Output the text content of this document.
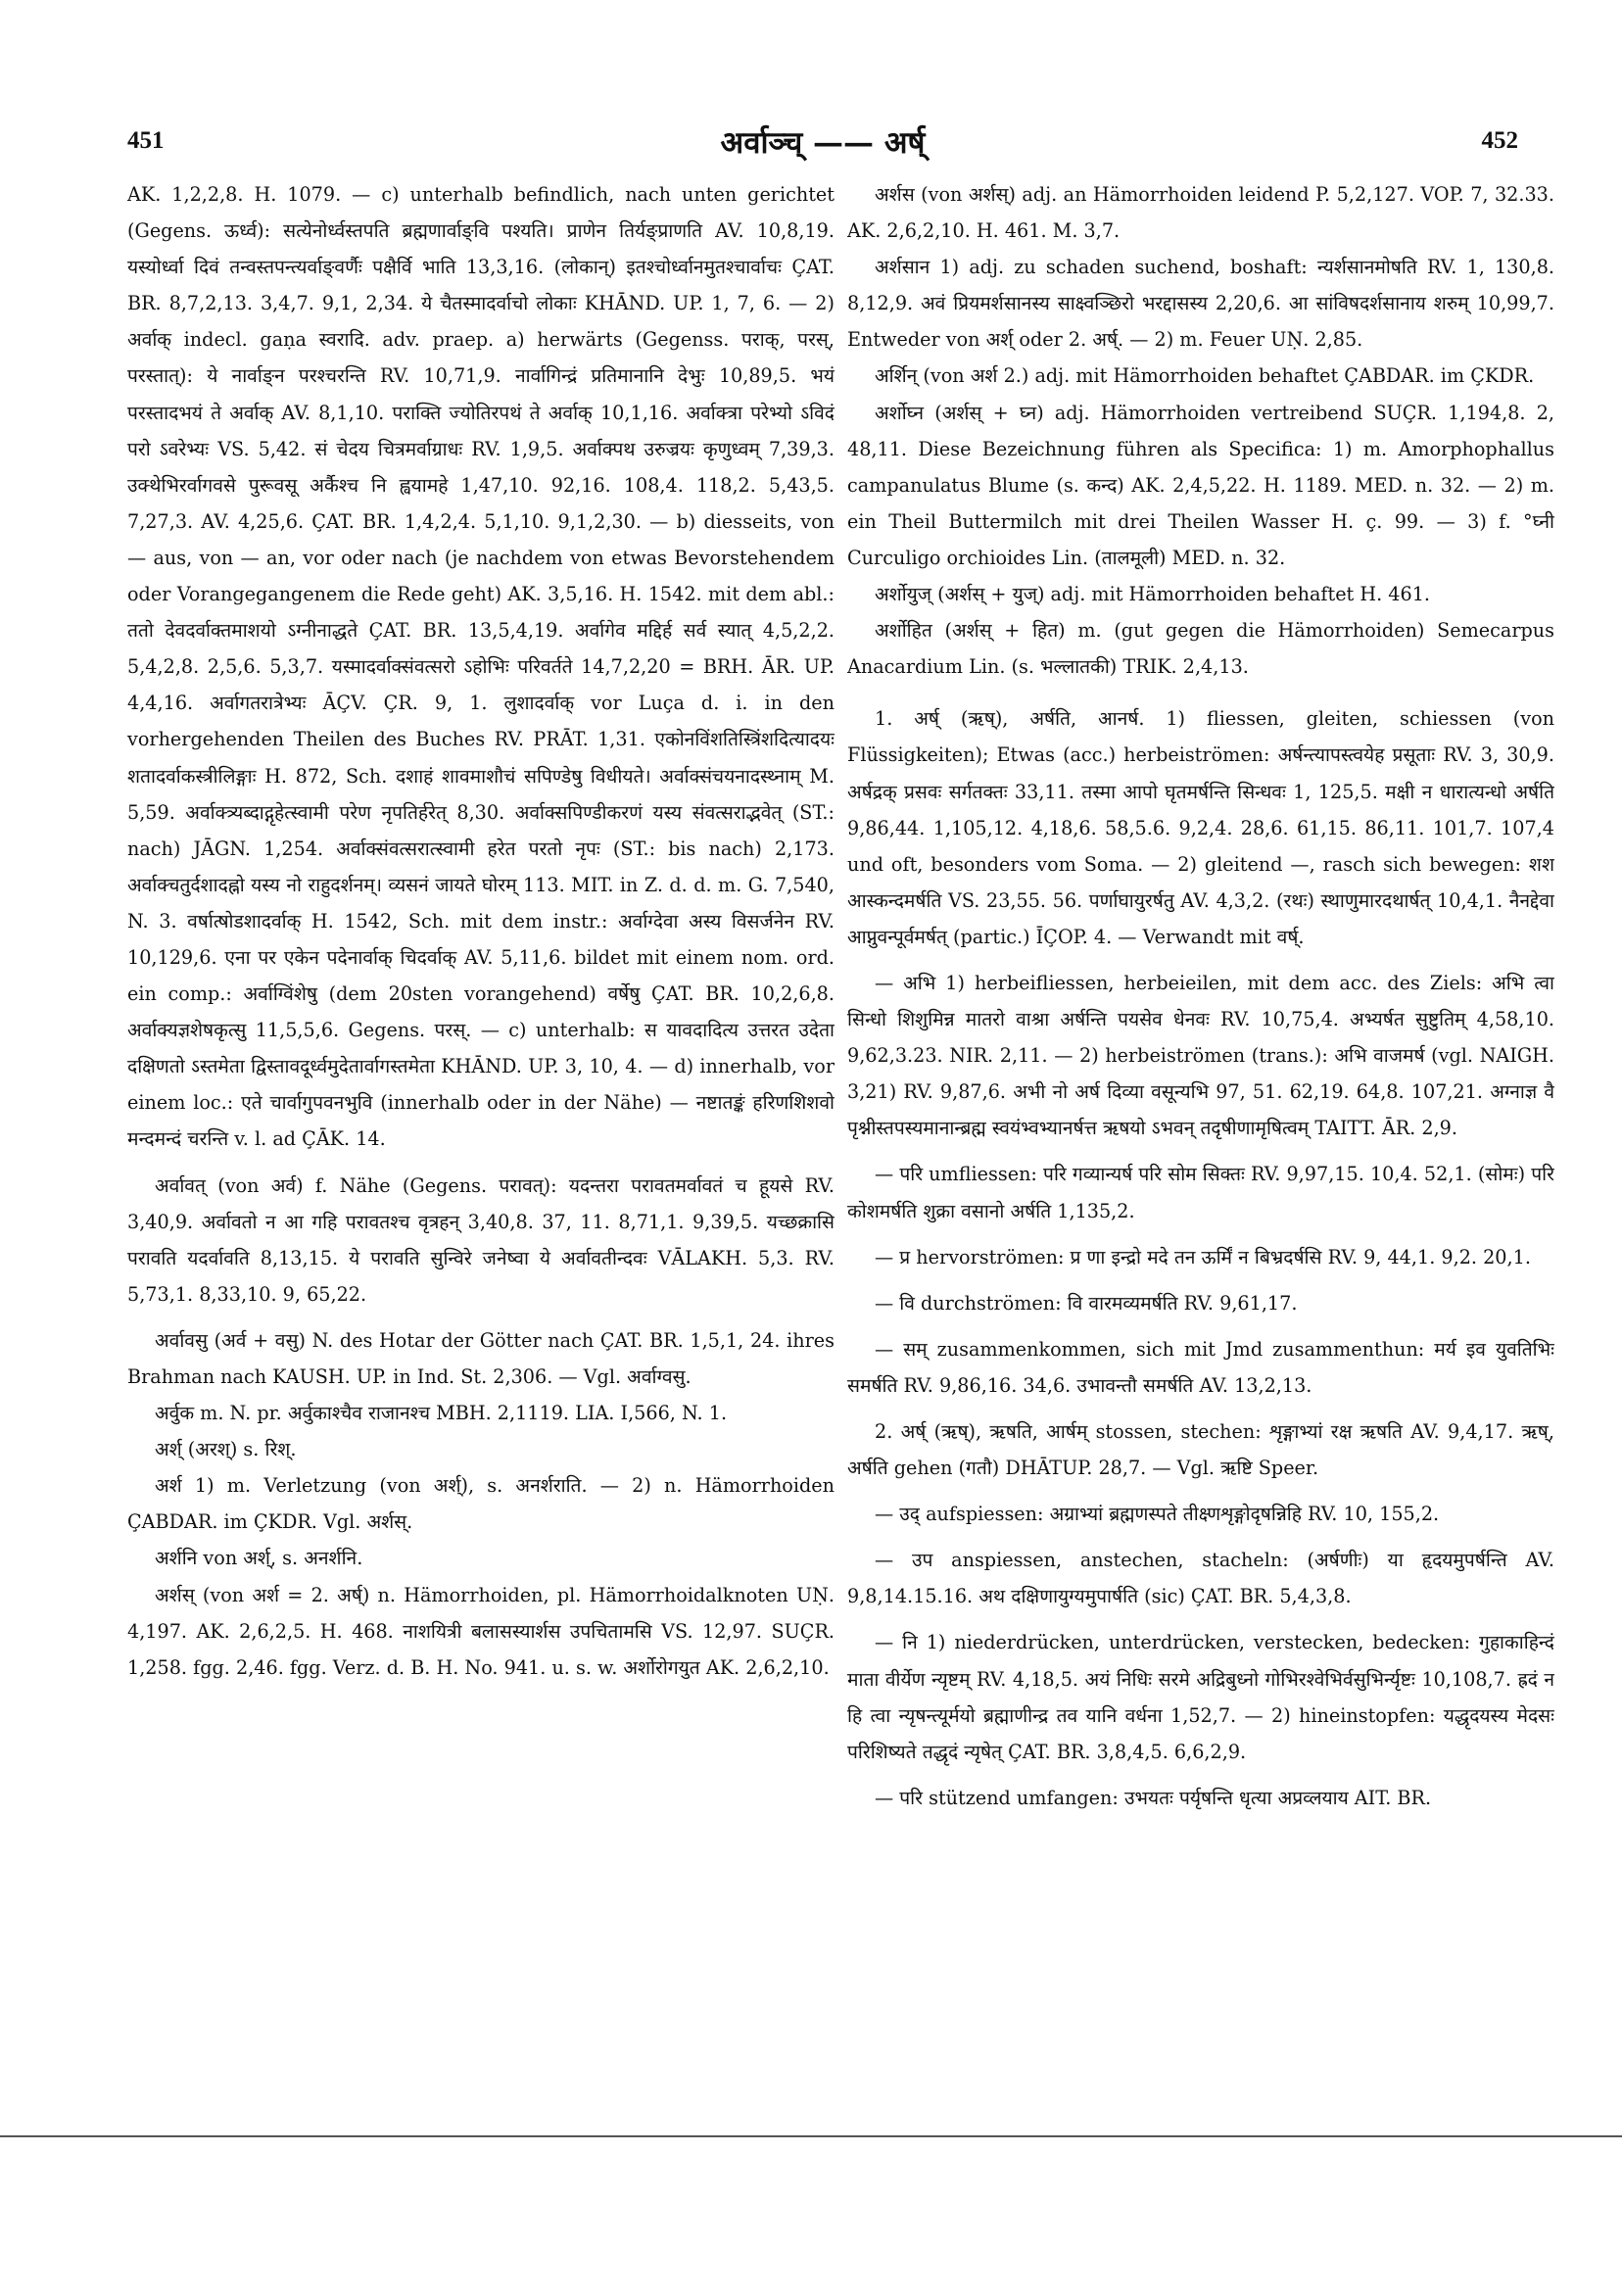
451	अर्वाञ्च् —— अर्ष्	452

AK. 1,2,2,8. H. 1079. — c) unterhalb befindlich, nach unten gerichtet (Gegens. ऊर्ध्व): सत्येनोर्ध्वस्तपति ब्रह्मणार्वाङ्वि पश्यति। प्राणेन तिर्यङ्प्राणति AV. 10,8,19. यस्योर्ध्वा दिवं तन्वस्तपन्त्यर्वाङ्वर्णैः पक्षैर्वि भाति 13,3,16. (लोकान्) इतश्चोर्ध्वानमुतश्चार्वाचः ÇAT. BR. 8,7,2,13. 3,4,7. 9,1, 2,34. ये चैतस्मादर्वाचो लोकाः KHĀND. UP. 1, 7, 6. — 2) अर्वाक् indecl. gaṇa स्वरादि. adv. praep. a) herwärts (Gegenss. पराक्, परस्, परस्तात्): ये नार्वाङ्न परश्चरन्ति RV. 10,71,9. नार्वागिन्द्रं प्रतिमानानि देभुः 10,89,5. भयं परस्तादभयं ते अर्वाक् AV. 8,1,10. पराक्ति ज्योतिरपथं ते अर्वाक् 10,1,16. अर्वाक्त्रा परेभ्यो ऽविदं परो ऽवरेभ्यः VS. 5,42. सं चेदय चित्रमर्वाग्राधः RV. 1,9,5. अर्वाक्पथ उरुज्रयः कृणुध्वम् 7,39,3. उक्थेभिरर्वागवसे पुरूवसू अर्कैश्च नि ह्वयामहे 1,47,10. 92,16. 108,4. 118,2. 5,43,5. 7,27,3. AV. 4,25,6. ÇAT. BR. 1,4,2,4. 5,1,10. 9,1,2,30. — b) diesseits, von — aus, von — an, vor oder nach (je nachdem von etwas Bevorstehendem oder Vorangegangenem die Rede geht) AK. 3,5,16. H. 1542. mit dem abl.: ततो देवदर्वाक्तमाशयो ऽग्नीनाद्धते ÇAT. BR. 13,5,4,19. अर्वागेव मद्दिर्ह सर्व स्यात् 4,5,2,2. 5,4,2,8. 2,5,6. 5,3,7. यस्मादर्वाक्संवत्सरो ऽहोभिः परिवर्तते 14,7,2,20 = BRH. ĀR. UP. 4,4,16. अर्वागतरात्रेभ्यः ĀÇV. ÇR. 9, 1. लुशादर्वाक् vor Luça d. i. in den vorhergehenden Theilen des Buches RV. PRĀT. 1,31. एकोनविंशतिस्त्रिंशदित्यादयः शतादर्वाकस्त्रीलिङ्गाः H. 872, Sch. दशाहं शावमाशौचं सपिण्डेषु विधीयते। अर्वाक्संचयनादस्थ्नाम् M. 5,59. अर्वाक्त्र्यब्दाद्गृहेत्स्वामी परेण नृपतिर्हरेत् 8,30. अर्वाक्सपिण्डीकरणं यस्य संवत्सराद्भवेत् (ST.: nach) JĀGN. 1,254. अर्वाक्संवत्सरात्स्वामी हरेत परतो नृपः (ST.: bis nach) 2,173. अर्वाक्चतुर्दशादह्नो यस्य नो राहुदर्शनम्। व्यसनं जायते घोरम् 113. MIT. in Z. d. d. m. G. 7,540, N. 3. वर्षात्षोडशादर्वाक् H. 1542, Sch. mit dem instr.: अर्वाग्देवा अस्य विसर्जनेन RV. 10,129,6. एना पर एकेन पदेनार्वाक् चिदर्वाक् AV. 5,11,6. bildet mit einem nom. ord. ein comp.: अर्वाग्विंशेषु (dem 20sten vorangehend) वर्षेषु ÇAT. BR. 10,2,6,8. अर्वाक्यज्ञशेषकृत्सु 11,5,5,6. Gegens. परस्. — c) unterhalb: स यावदादित्य उत्तरत उदेता दक्षिणतो ऽस्तमेता द्विस्तावदूर्ध्वमुदेतार्वागस्तमेता KHĀND. UP. 3, 10, 4. — d) innerhalb, vor einem loc.: एते चार्वागुपवनभुवि (innerhalb oder in der Nähe) — नष्टातङ्कं हरिणशिशवो मन्दमन्दं चरन्ति v. l. ad ÇĀK. 14.

अर्वावत् (von अर्व) f. Nähe (Gegens. परावत्): यदन्तरा परावतमर्वावतं च हूयसे RV. 3,40,9. अर्वावतो न आ गहि परावतश्च वृत्रहन् 3,40,8. 37, 11. 8,71,1. 9,39,5. यच्छक्रासि परावति यदर्वावति 8,13,15. ये परावति सुन्विरे जनेष्वा ये अर्वावतीन्दवः VĀLAKH. 5,3. RV. 5,73,1. 8,33,10. 9, 65,22.

अर्वावसु (अर्व + वसु) N. des Hotar der Götter nach ÇAT. BR. 1,5,1, 24. ihres Brahman nach KAUSH. UP. in Ind. St. 2,306. — Vgl. अर्वाग्वसु.

अर्वुक m. N. pr. अर्वुकाश्चैव राजानश्च MBH. 2,1119. LIA. I,566, N. 1.

अर्श् (अरश्) s. रिश्.

अर्श 1) m. Verletzung (von अर्श्), s. अनर्शराति. — 2) n. Hämorrhoiden ÇABDAR. im ÇKDR. Vgl. अर्शस्.

अर्शनि von अर्श्, s. अनर्शनि.

अर्शस् (von अर्श = 2. अर्ष्) n. Hämorrhoiden, pl. Hämorrhoidalknoten UṆ. 4,197. AK. 2,6,2,5. H. 468. नाशयित्री बलासस्यार्शस उपचितामसि VS. 12,97. SUÇR. 1,258. fgg. 2,46. fgg. Verz. d. B. H. No. 941. u. s. w. अर्शोरोगयुत AK. 2,6,2,10.

अर्शस (von अर्शस्) adj. an Hämorrhoiden leidend P. 5,2,127. VOP. 7, 32.33. AK. 2,6,2,10. H. 461. M. 3,7.

अर्शसान 1) adj. zu schaden suchend, boshaft: न्यर्शसानमोषति RV. 1, 130,8. 8,12,9. अवं प्रियमर्शसानस्य साक्ष्वञ्छिरो भरद्दासस्य 2,20,6. आ सांविषदर्शसानाय शरुम् 10,99,7. Entweder von अर्श् oder 2. अर्ष्. — 2) m. Feuer UṆ. 2,85.

अर्शिन् (von अर्श 2.) adj. mit Hämorrhoiden behaftet ÇABDAR. im ÇKDR.

अर्शोघ्न (अर्शस् + घ्न) adj. Hämorrhoiden vertreibend SUÇR. 1,194,8. 2, 48,11. Diese Bezeichnung führen als Specifica: 1) m. Amorphophallus campanulatus Blume (s. कन्द) AK. 2,4,5,22. H. 1189. MED. n. 32. — 2) m. ein Theil Buttermilch mit drei Theilen Wasser H. ç. 99. — 3) f. °घ्नी Curculigo orchioides Lin. (तालमूली) MED. n. 32.

अर्शोयुज् (अर्शस् + युज्) adj. mit Hämorrhoiden behaftet H. 461.

अर्शोहित (अर्शस् + हित) m. (gut gegen die Hämorrhoiden) Semecarpus Anacardium Lin. (s. भल्लातकी) TRIK. 2,4,13.

1. अर्ष् (ऋष्), अर्षति, आनर्ष. 1) fliessen, gleiten, schiessen (von Flüssigkeiten); Etwas (acc.) herbeiströmen: अर्षन्त्यापस्त्वयेह प्रसूताः RV. 3, 30,9. अर्षद्रक् प्रसवः सर्गतक्तः 33,11. तस्मा आपो घृतमर्षन्ति सिन्धवः 1, 125,5. मक्षी न धारात्यन्धो अर्षति 9,86,44. 1,105,12. 4,18,6. 58,5.6. 9,2,4. 28,6. 61,15. 86,11. 101,7. 107,4 und oft, besonders vom Soma. — 2) gleitend —, rasch sich bewegen: शश आस्कन्दमर्षति VS. 23,55. 56. पर्णाघायुरर्षतु AV. 4,3,2. (रथः) स्थाणुमारदथार्षत् 10,4,1. नैनद्देवा आप्नुवन्पूर्वमर्षत् (partic.) ĪÇOP. 4. — Verwandt mit वर्ष्.

— अभि 1) herbeifliessen, herbeieilen, mit dem acc. des Ziels: अभि त्वा सिन्धो शिशुमिन्न मातरो वाश्रा अर्षन्ति पयसेव धेनवः RV. 10,75,4. अभ्यर्षत सुष्टुतिम् 4,58,10. 9,62,3.23. NIR. 2,11. — 2) herbeiströmen (trans.): अभि वाजमर्ष (vgl. NAIGH. 3,21) RV. 9,87,6. अभी नो अर्ष दिव्या वसून्यभि 97, 51. 62,19. 64,8. 107,21. अग्नाज्ञ वै पृश्नीस्तपस्यमानान्ब्रह्म स्वयंभ्वभ्यानर्षत्त ऋषयो ऽभवन् तदृषीणामृषित्वम् TAITT. ĀR. 2,9.

— परि umfliessen: परि गव्यान्यर्ष परि सोम सिक्तः RV. 9,97,15. 10,4. 52,1. (सोमः) परि कोशमर्षति शुक्रा वसानो अर्षति 1,135,2.

— प्र hervorströmen: प्र णा इन्द्रो मदे तन ऊर्मिं न बिभ्रदर्षसि RV. 9, 44,1. 9,2. 20,1.

— वि durchströmen: वि वारमव्यमर्षति RV. 9,61,17.

— सम् zusammenkommen, sich mit Jmd zusammenthun: मर्य इव युवतिभिः समर्षति RV. 9,86,16. 34,6. उभावन्तौ समर्षति AV. 13,2,13.

2. अर्ष् (ऋष्), ऋषति, आर्षम् stossen, stechen: शृङ्गाभ्यां रक्ष ऋषति AV. 9,4,17. ऋष्, अर्षति gehen (गतौ) DHĀTUP. 28,7. — Vgl. ऋष्टि Speer.

— उद् aufspiessen: अग्राभ्यां ब्रह्मणस्पते तीक्ष्णशृङ्गोदृषन्निहि RV. 10, 155,2.

— उप anspiessen, anstechen, stacheln: (अर्षणीः) या हृदयमुपर्षन्ति AV. 9,8,14.15.16. अथ दक्षिणायुग्यमुपार्षति (sic) ÇAT. BR. 5,4,3,8.

— नि 1) niederdrücken, unterdrücken, verstecken, bedecken: गुहाकाहिन्दं माता वीर्येण न्यृष्टम् RV. 4,18,5. अयं निधिः सरमे अद्रिबुध्नो गोभिरश्वेभिर्वसुभिर्न्यृष्टः 10,108,7. ह्रदं न हि त्वा न्यृषन्त्यूर्मयो ब्रह्माणीन्द्र तव यानि वर्धना 1,52,7. — 2) hineinstopfen: यद्धृदयस्य मेदसः परिशिष्यते तद्धृदं न्यृषेत् ÇAT. BR. 3,8,4,5. 6,6,2,9.

— परि stützend umfangen: उभयतः पर्यृषन्ति धृत्या अप्रव्लयाय AIT. BR.
